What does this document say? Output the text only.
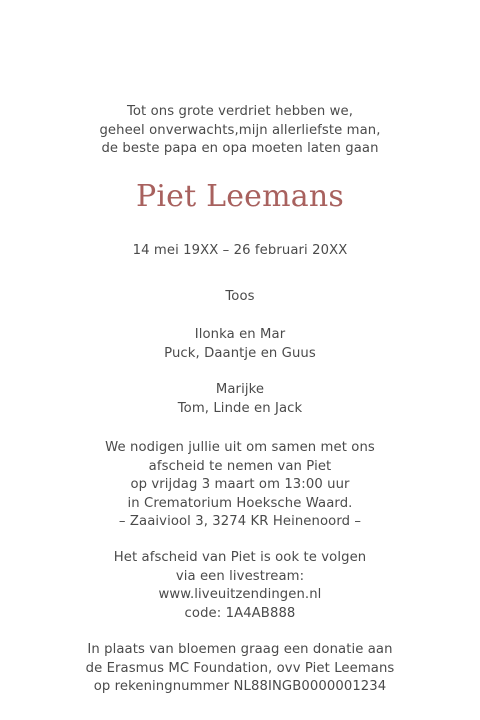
Tot ons grote verdriet hebben we,
geheel onverwachts,mijn allerliefste man,
de beste papa en opa moeten laten gaan
Piet Leemans
14 mei 19XX – 26 februari 20XX
Toos
Ilonka en Mar
Puck, Daantje en Guus
Marijke
Tom, Linde en Jack
We nodigen jullie uit om samen met ons
afscheid te nemen van Piet
op vrijdag 3 maart om 13:00 uur
in Crematorium Hoeksche Waard.
– Zaaiviool 3, 3274 KR Heinenoord –
Het afscheid van Piet is ook te volgen
via een livestream:
www.liveuitzendingen.nl
code: 1A4AB888
In plaats van bloemen graag een donatie aan
de Erasmus MC Foundation, ovv Piet Leemans
op rekeningnummer NL88INGB0000001234
